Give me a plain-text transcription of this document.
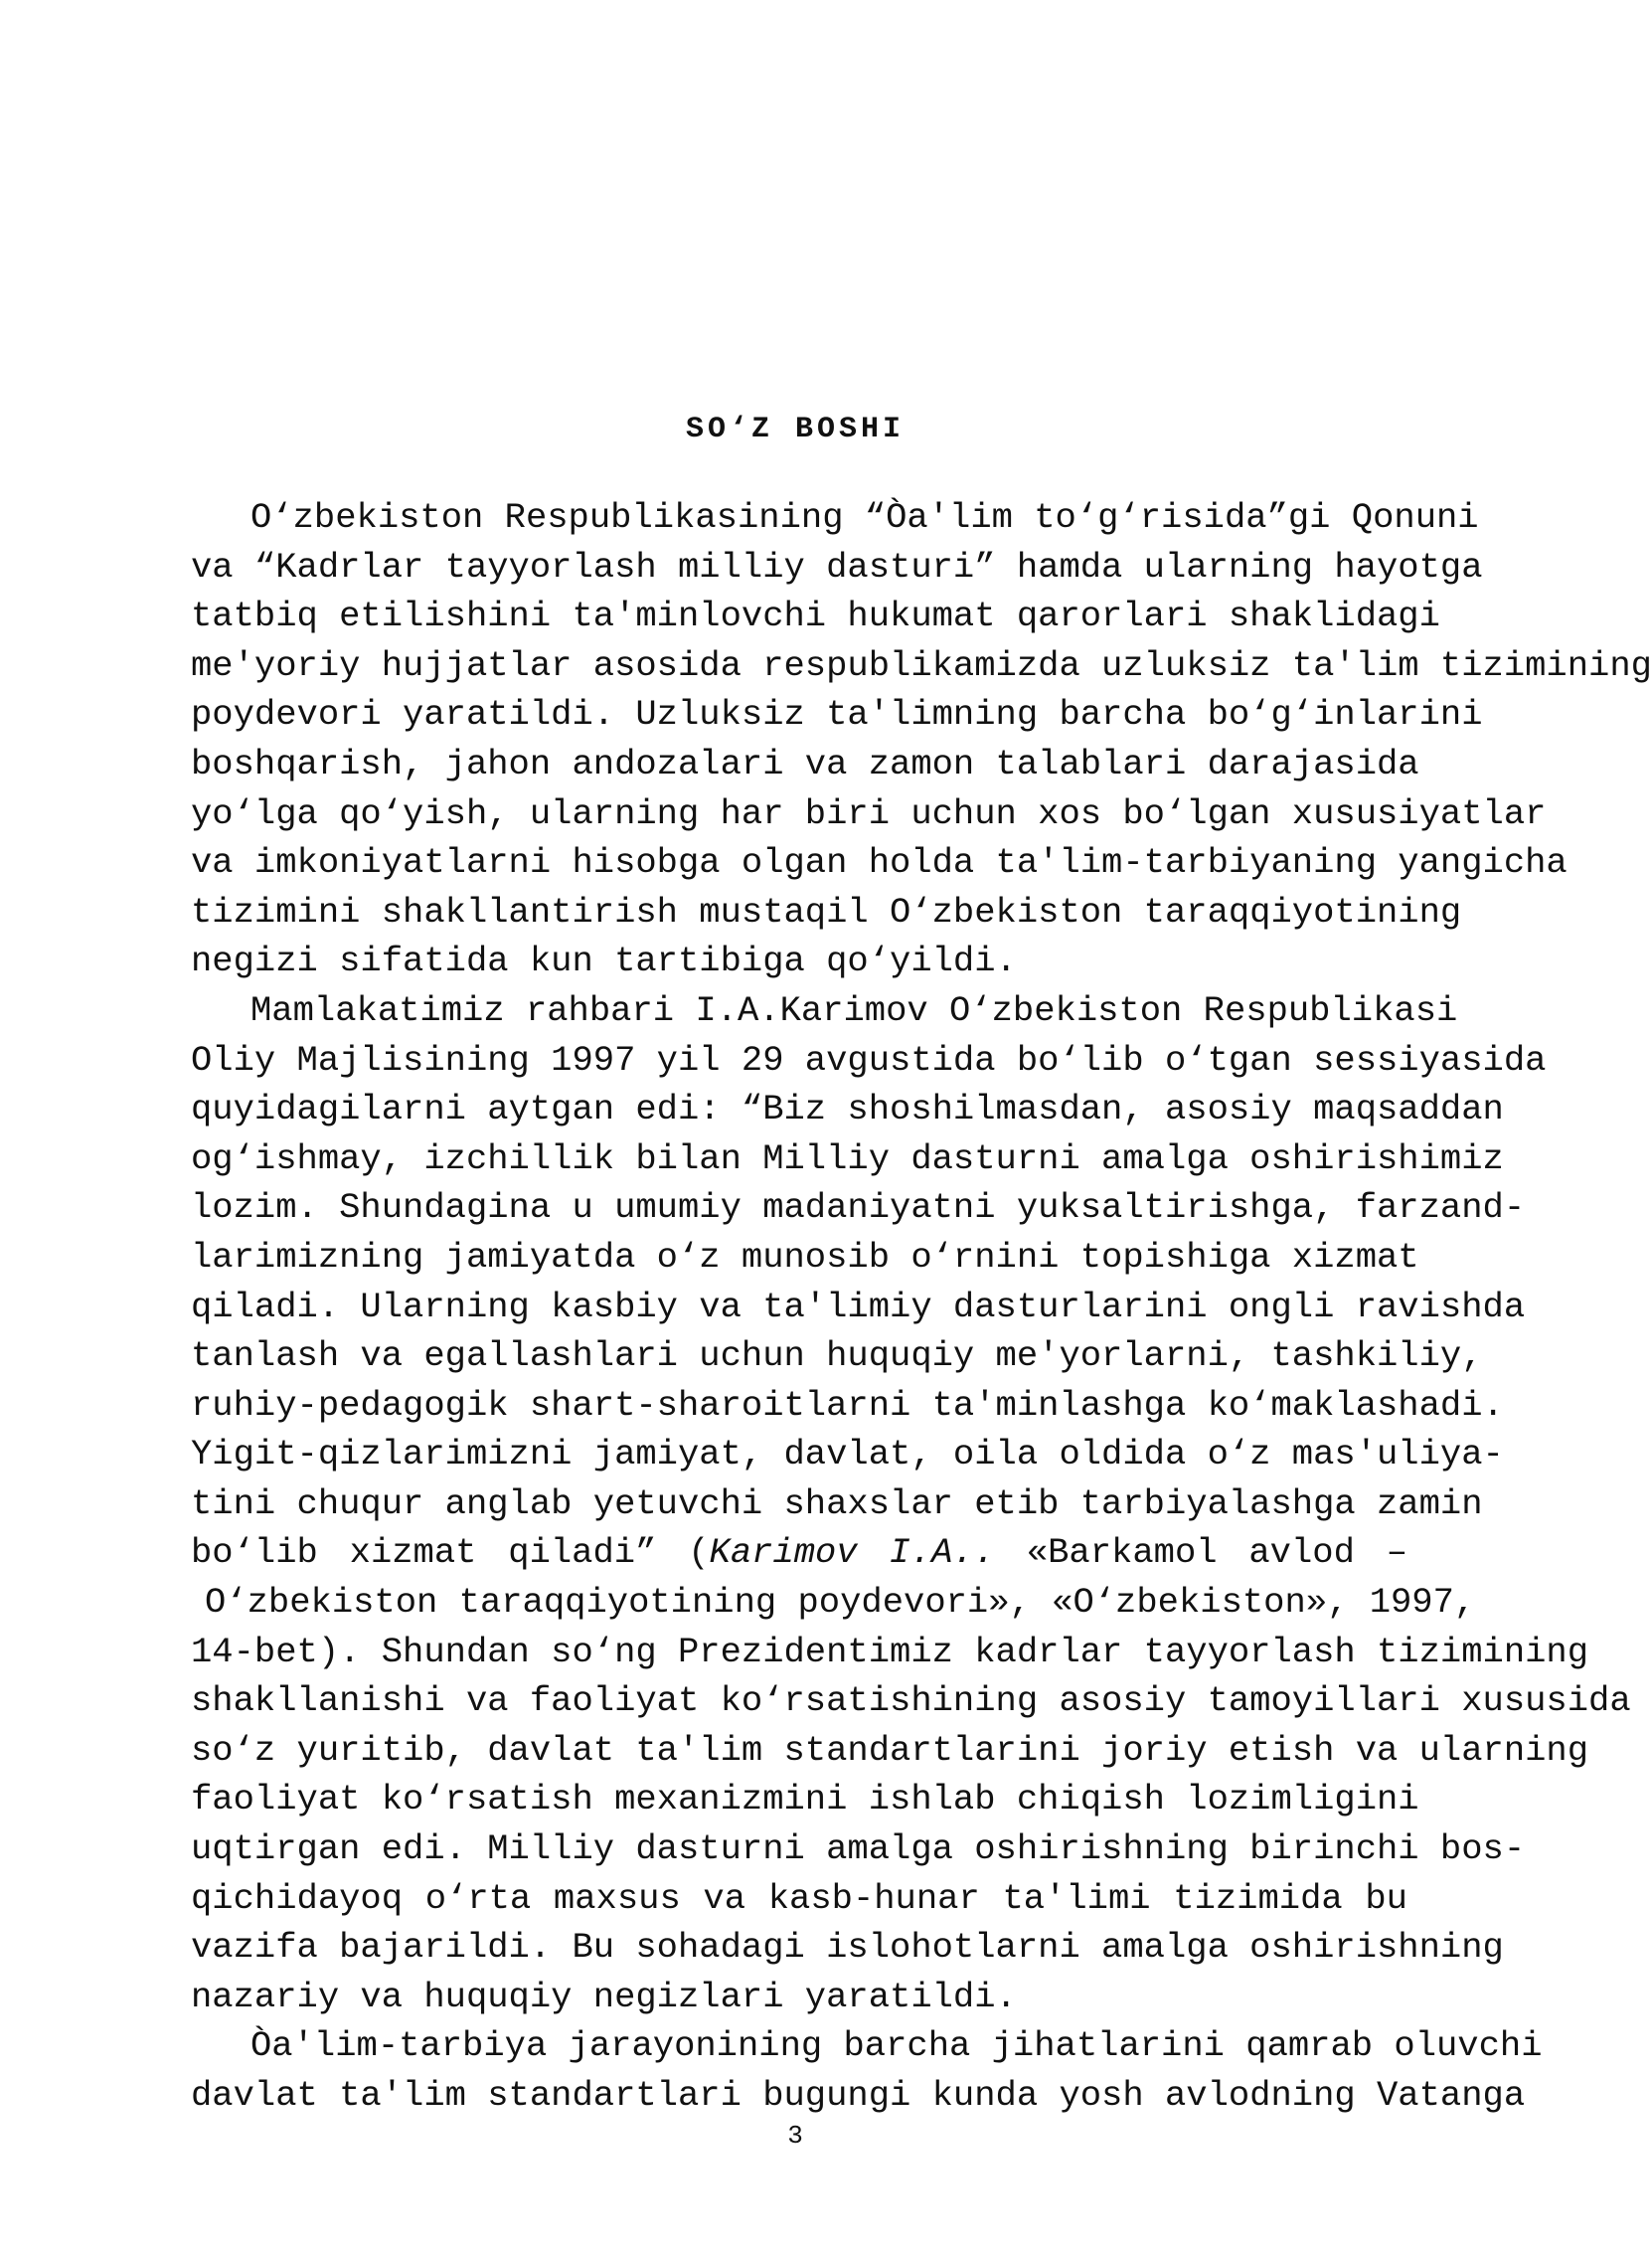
SO‘Z BOSHI
O‘zbekiston Respublikasining “Òa'lim to‘g‘risida”gi Qonuni
va “Kadrlar tayyorlash milliy dasturi” hamda ularning hayotga
tatbiq etilishini ta'minlovchi hukumat qarorlari shaklidagi
me'yoriy hujjatlar asosida respublikamizda uzluksiz ta'lim tizimining
poydevori yaratildi. Uzluksiz ta'limning barcha bo‘g‘inlarini
boshqarish, jahon andozalari va zamon talablari darajasida
yo‘lga qo‘yish, ularning har biri uchun xos bo‘lgan xususiyatlar
va imkoniyatlarni hisobga olgan holda ta'lim-tarbiyaning yangicha
tizimini shakllantirish mustaqil O‘zbekiston taraqqiyotining
negizi sifatida kun tartibiga qo‘yildi.
Mamlakatimiz rahbari I.A.Karimov O‘zbekiston Respublikasi
Oliy Majlisining 1997 yil 29 avgustida bo‘lib o‘tgan sessiyasida
quyidagilarni aytgan edi: “Biz shoshilmasdan, asosiy maqsaddan
og‘ishmay, izchillik bilan Milliy dasturni amalga oshirishimiz
lozim. Shundagina u umumiy madaniyatni yuksaltirishga, farzand-
larimizning jamiyatda o‘z munosib o‘rnini topishiga xizmat
qiladi. Ularning kasbiy va ta'limiy dasturlarini ongli ravishda
tanlash va egallashlari uchun huquqiy me'yorlarni, tashkiliy,
ruhiy-pedagogik shart-sharoitlarni ta'minlashga ko‘maklashadi.
Yigit-qizlarimizni jamiyat, davlat, oila oldida o‘z mas'uliya-
tini chuqur anglab yetuvchi shaxslar etib tarbiyalashga zamin
bo‘lib xizmat qiladi” (Karimov I.A.. «Barkamol avlod –
O‘zbekiston taraqqiyotining poydevori», «O‘zbekiston», 1997,
14-bet). Shundan so‘ng Prezidentimiz kadrlar tayyorlash tizimining
shakllanishi va faoliyat ko‘rsatishining asosiy tamoyillari xususida
so‘z yuritib, davlat ta'lim standartlarini joriy etish va ularning
faoliyat ko‘rsatish mexanizmini ishlab chiqish lozimligini
uqtirgan edi. Milliy dasturni amalga oshirishning birinchi bos-
qichidayoq o‘rta maxsus va kasb-hunar ta'limi tizimida bu
vazifa bajarildi. Bu sohadagi islohotlarni amalga oshirishning
nazariy va huquqiy negizlari yaratildi.
Òa'lim-tarbiya jarayonining barcha jihatlarini qamrab oluvchi
davlat ta'lim standartlari bugungi kunda yosh avlodning Vatanga
3
